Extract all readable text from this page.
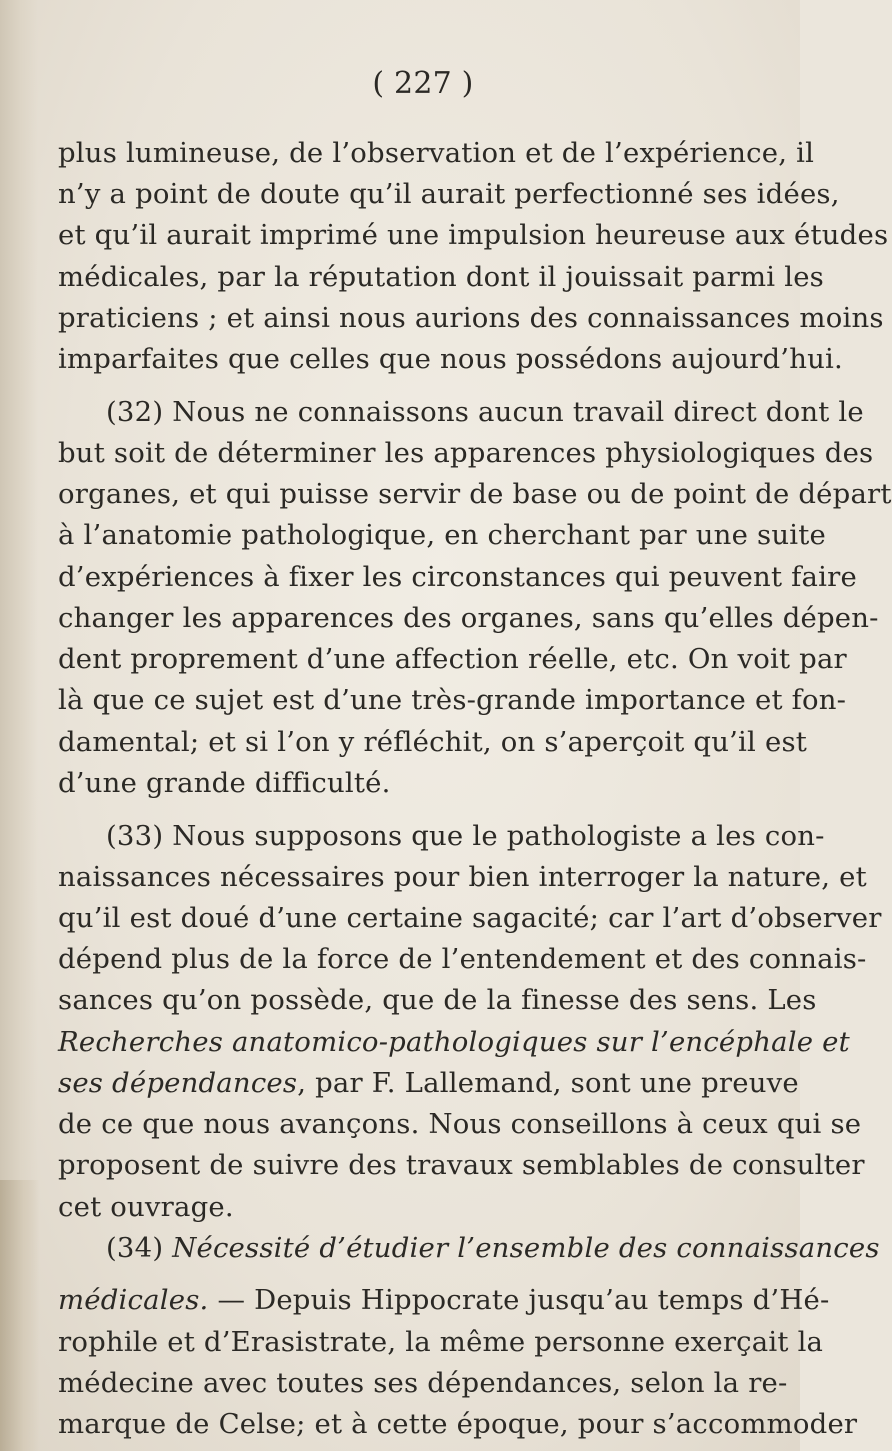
( 227 )
plus lumineuse, de l’observation et de l’expérience, il
n’y a point de doute qu’il aurait perfectionné ses idées,
et qu’il aurait imprimé une impulsion heureuse aux études
médicales, par la réputation dont il jouissait parmi les
praticiens ; et ainsi nous aurions des connaissances moins
imparfaites que celles que nous possédons aujourd’hui.
(32) Nous ne connaissons aucun travail direct dont le
but soit de déterminer les apparences physiologiques des
organes, et qui puisse servir de base ou de point de départ
à l’anatomie pathologique, en cherchant par une suite
d’expériences à fixer les circonstances qui peuvent faire
changer les apparences des organes, sans qu’elles dépen-
dent proprement d’une affection réelle, etc. On voit par
là que ce sujet est d’une très-grande importance et fon-
damental; et si l’on y réfléchit, on s’aperçoit qu’il est
d’une grande difficulté.
(33) Nous supposons que le pathologiste a les con-
naissances nécessaires pour bien interroger la nature, et
qu’il est doué d’une certaine sagacité; car l’art d’observer
dépend plus de la force de l’entendement et des connais-
sances qu’on possède, que de la finesse des sens. Les
Recherches anatomico-pathologiques sur l’encéphale et
ses dépendances, par F. Lallemand, sont une preuve
de ce que nous avançons. Nous conseillons à ceux qui se
proposent de suivre des travaux semblables de consulter
cet ouvrage.
(34) Nécessité d’étudier l’ensemble des connaissances
médicales. — Depuis Hippocrate jusqu’au temps d’Hé-
rophile et d’Erasistrate, la même personne exerçait la
médecine avec toutes ses dépendances, selon la re-
marque de Celse; et à cette époque, pour s’accommoder
